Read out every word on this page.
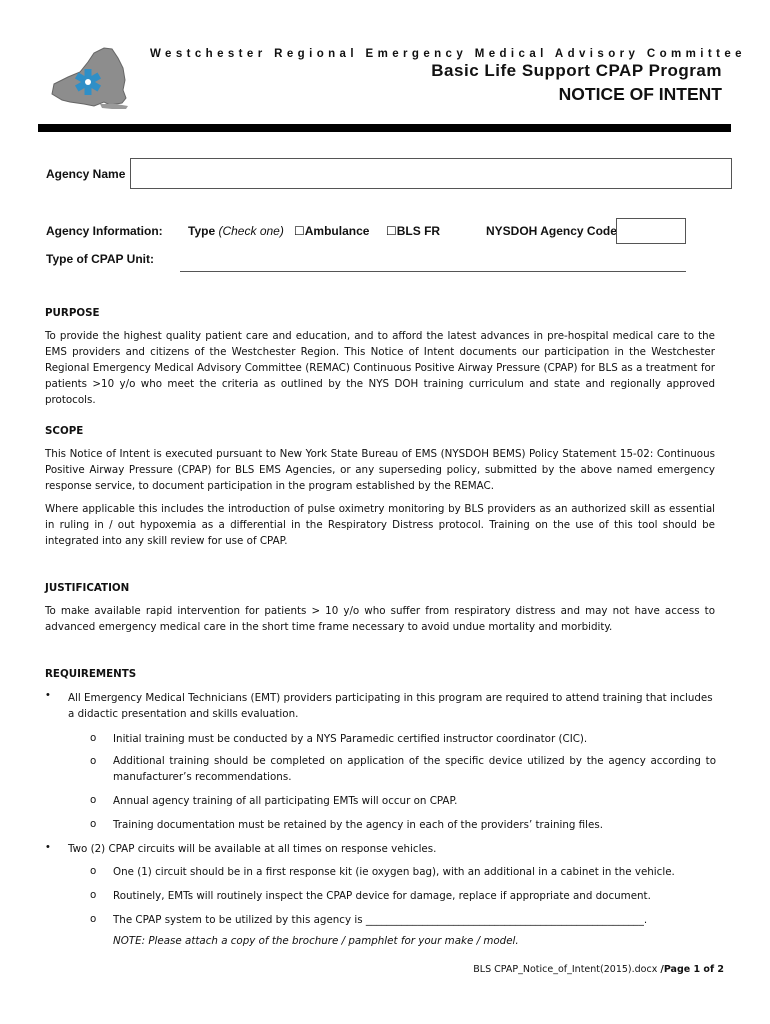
Westchester Regional Emergency Medical Advisory Committee
Basic Life Support CPAP Program
NOTICE OF INTENT
Agency Name
Agency Information: Type (Check one) ☐Ambulance ☐BLS FR	NYSDOH Agency Code
Type of CPAP Unit:
PURPOSE
To provide the highest quality patient care and education, and to afford the latest advances in pre-hospital medical care to the EMS providers and citizens of the Westchester Region. This Notice of Intent documents our participation in the Westchester Regional Emergency Medical Advisory Committee (REMAC) Continuous Positive Airway Pressure (CPAP) for BLS as a treatment for patients >10 y/o who meet the criteria as outlined by the NYS DOH training curriculum and state and regionally approved protocols.
SCOPE
This Notice of Intent is executed pursuant to New York State Bureau of EMS (NYSDOH BEMS) Policy Statement 15-02: Continuous Positive Airway Pressure (CPAP) for BLS EMS Agencies, or any superseding policy, submitted by the above named emergency response service, to document participation in the program established by the REMAC.
Where applicable this includes the introduction of pulse oximetry monitoring by BLS providers as an authorized skill as essential in ruling in / out hypoxemia as a differential in the Respiratory Distress protocol. Training on the use of this tool should be integrated into any skill review for use of CPAP.
JUSTIFICATION
To make available rapid intervention for patients > 10 y/o who suffer from respiratory distress and may not have access to advanced emergency medical care in the short time frame necessary to avoid undue mortality and morbidity.
REQUIREMENTS
• All Emergency Medical Technicians (EMT) providers participating in this program are required to attend training that includes a didactic presentation and skills evaluation.
o Initial training must be conducted by a NYS Paramedic certified instructor coordinator (CIC).
o Additional training should be completed on application of the specific device utilized by the agency according to manufacturer’s recommendations.
o Annual agency training of all participating EMTs will occur on CPAP.
o Training documentation must be retained by the agency in each of the providers’ training files.
• Two (2) CPAP circuits will be available at all times on response vehicles.
o One (1) circuit should be in a first response kit (ie oxygen bag), with an additional in a cabinet in the vehicle.
o Routinely, EMTs will routinely inspect the CPAP device for damage, replace if appropriate and document.
o The CPAP system to be utilized by this agency is ______________________________________________________.
NOTE: Please attach a copy of the brochure / pamphlet for your make / model.
BLS CPAP_Notice_of_Intent(2015).docx /Page 1 of 2
